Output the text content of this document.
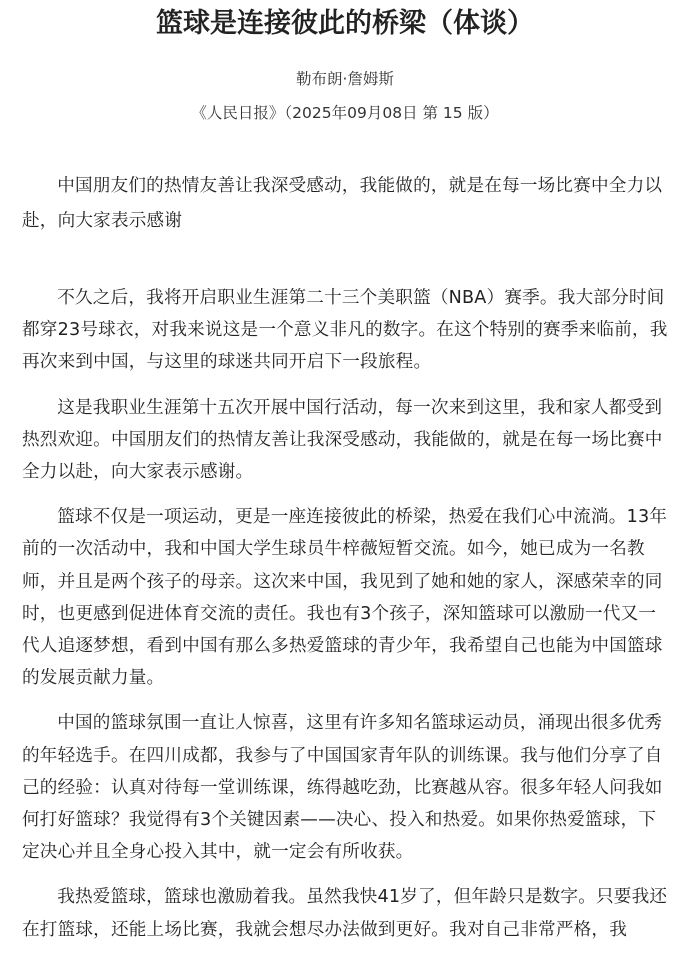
篮球是连接彼此的桥梁（体谈）
勒布朗·詹姆斯
《人民日报》（2025年09月08日 第 15 版）

中国朋友们的热情友善让我深受感动，我能做的，就是在每一场比赛中全力以赴，向大家表示感谢

不久之后，我将开启职业生涯第二十三个美职篮（NBA）赛季。我大部分时间都穿23号球衣，对我来说这是一个意义非凡的数字。在这个特别的赛季来临前，我再次来到中国，与这里的球迷共同开启下一段旅程。

这是我职业生涯第十五次开展中国行活动，每一次来到这里，我和家人都受到热烈欢迎。中国朋友们的热情友善让我深受感动，我能做的，就是在每一场比赛中全力以赴，向大家表示感谢。

篮球不仅是一项运动，更是一座连接彼此的桥梁，热爱在我们心中流淌。13年前的一次活动中，我和中国大学生球员牛梓薇短暂交流。如今，她已成为一名教师，并且是两个孩子的母亲。这次来中国，我见到了她和她的家人，深感荣幸的同时，也更感到促进体育交流的责任。我也有3个孩子，深知篮球可以激励一代又一代人追逐梦想，看到中国有那么多热爱篮球的青少年，我希望自己也能为中国篮球的发展贡献力量。

中国的篮球氛围一直让人惊喜，这里有许多知名篮球运动员，涌现出很多优秀的年轻选手。在四川成都，我参与了中国国家青年队的训练课。我与他们分享了自己的经验：认真对待每一堂训练课，练得越吃劲，比赛越从容。很多年轻人问我如何打好篮球？我觉得有3个关键因素——决心、投入和热爱。如果你热爱篮球，下定决心并且全身心投入其中，就一定会有所收获。

我热爱篮球，篮球也激励着我。虽然我快41岁了，但年龄只是数字。只要我还在打篮球，还能上场比赛，我就会想尽办法做到更好。我对自己非常严格，我
